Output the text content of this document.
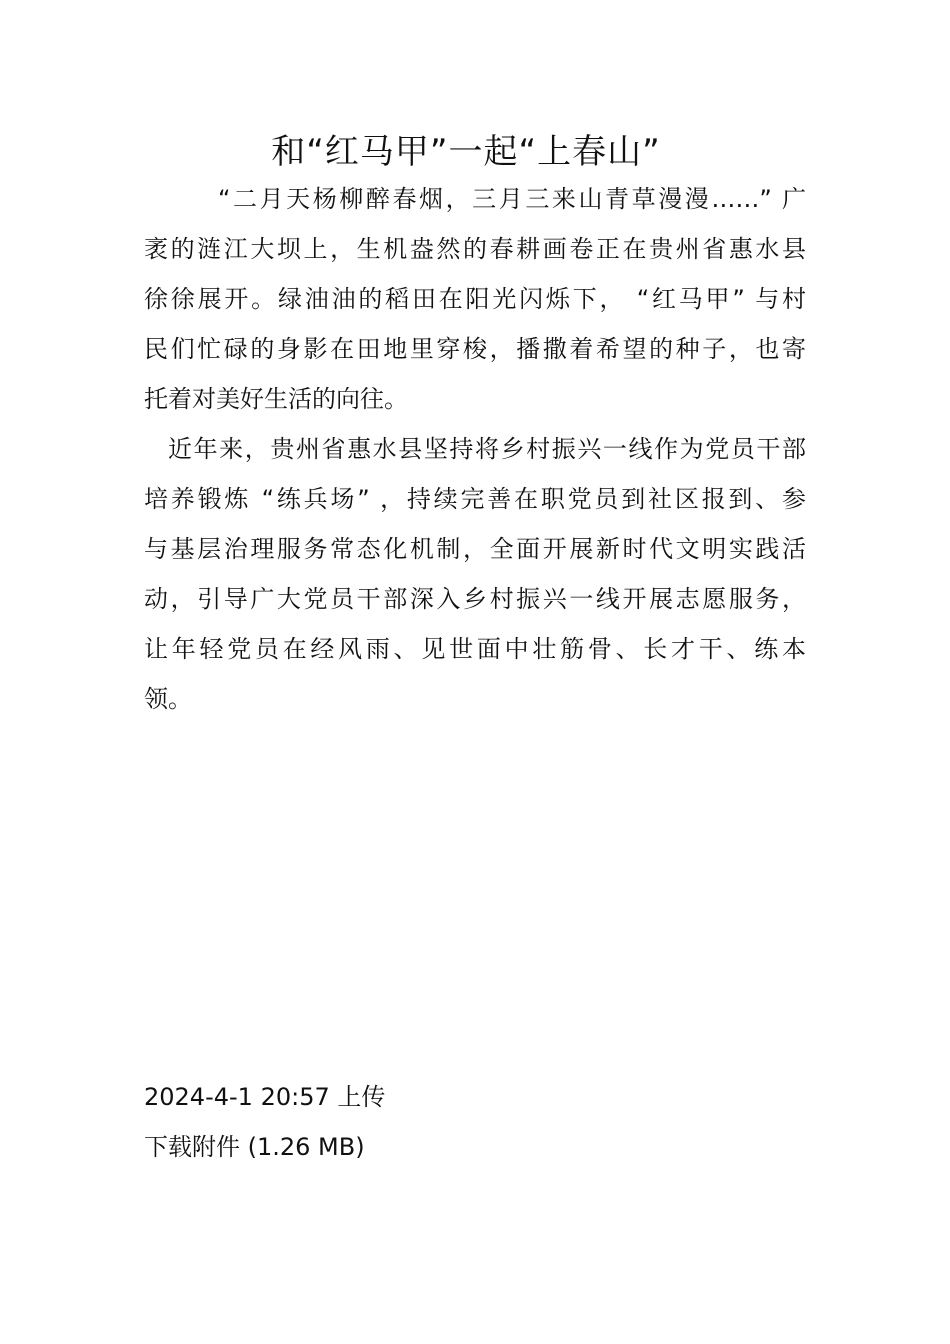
和“红马甲”一起“上春山”
“二月天杨柳醉春烟，三月三来山青草漫漫……” 广
袤的涟江大坝上，生机盎然的春耕画卷正在贵州省惠水县
徐徐展开。绿油油的稻田在阳光闪烁下， “红马甲” 与村
民们忙碌的身影在田地里穿梭，播撒着希望的种子，也寄
托着对美好生活的向往。
近年来，贵州省惠水县坚持将乡村振兴一线作为党员干部
培养锻炼 “练兵场” ，持续完善在职党员到社区报到、参
与基层治理服务常态化机制，全面开展新时代文明实践活
动，引导广大党员干部深入乡村振兴一线开展志愿服务，
让年轻党员在经风雨、见世面中壮筋骨、长才干、练本
领。
2024-4-1 20:57 上传
下载附件 (1.26 MB)
